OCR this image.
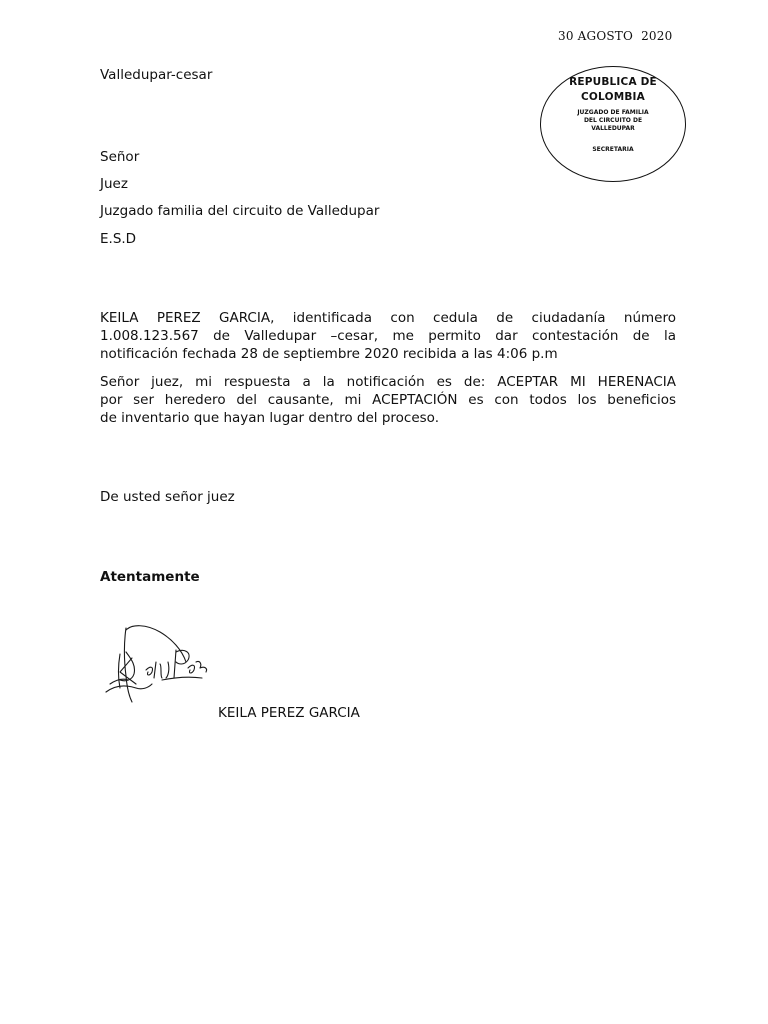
30 AGOSTO  2020
Valledupar-cesar	REPUBLICA DE
COLOMBIA
JUZGADO DE FAMILIA
DEL CIRCUITO DE
VALLEDUPAR
SECRETARIA
Señor
Juez
Juzgado familia del circuito de Valledupar
E.S.D
KEILA PEREZ GARCIA, identificada con cedula de ciudadanía número
1.008.123.567 de Valledupar –cesar, me permito dar contestación de la
notificación fechada 28 de septiembre 2020 recibida a las 4:06 p.m
Señor juez, mi respuesta a la notificación es de: ACEPTAR MI HERENACIA
por ser heredero del causante, mi ACEPTACIÓN es con todos los beneficios
de inventario que hayan lugar dentro del proceso.
De usted señor juez
Atentamente
KEILA PEREZ GARCIA
